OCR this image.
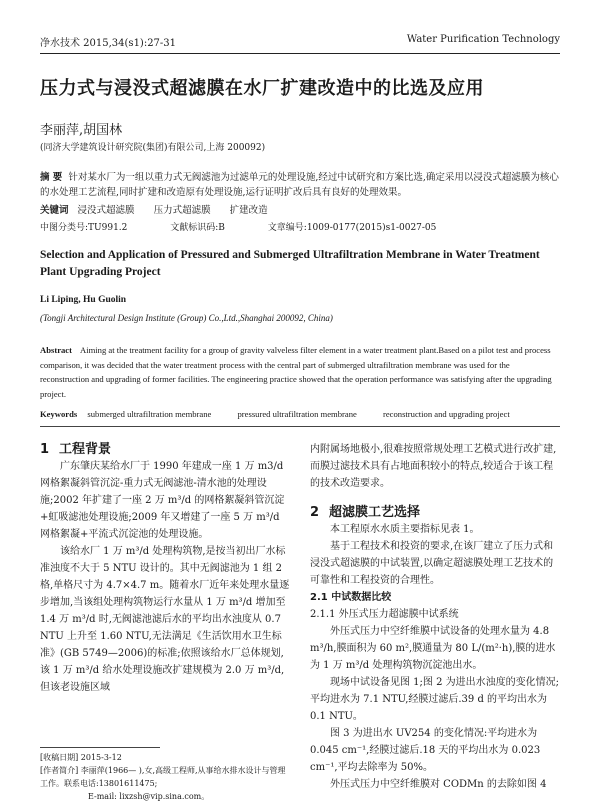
净水技术 2015,34(s1):27-31	Water Purification Technology
压力式与浸没式超滤膜在水厂扩建改造中的比选及应用
李丽萍,胡国林
(同济大学建筑设计研究院(集团)有限公司,上海 200092)
摘 要 针对某水厂为一组以重力式无阀滤池为过滤单元的处理设施,经过中试研究和方案比选,确定采用以浸没式超滤膜为核心的水处理工艺流程,同时扩建和改造原有处理设施,运行证明扩改后具有良好的处理效果。
关键词 浸没式超滤膜 压力式超滤膜 扩建改造
中图分类号:TU991.2	文献标识码:B	文章编号:1009-0177(2015)s1-0027-05
Selection and Application of Pressured and Submerged Ultrafiltration Membrane in Water Treatment Plant Upgrading Project
Li Liping, Hu Guolin
(Tongji Architectural Design Institute (Group) Co.,Ltd.,Shanghai 200092, China)
Abstract Aiming at the treatment facility for a group of gravity valveless filter element in a water treatment plant.Based on a pilot test and process comparison, it was decided that the water treatment process with the central part of submerged ultrafiltration membrane was used for the reconstruction and upgrading of former facilities. The engineering practice showed that the operation performance was satisfying after the upgrading project.
Keywords submerged ultrafiltration membrane	pressured ultrafiltration membrane	reconstruction and upgrading project

1 工程背景

广东肇庆某给水厂于 1990 年建成一座 1 万 m3/d 网格絮凝斜管沉淀-重力式无阀滤池-清水池的处理设施;2002 年扩建了一座 2 万 m³/d 的网格絮凝斜管沉淀+虹吸滤池处理设施;2009 年又增建了一座 5 万 m³/d 网格絮凝+平流式沉淀池的处理设施。

该给水厂 1 万 m³/d 处理构筑物,是按当初出厂水标准浊度不大于 5 NTU 设计的。其中无阀滤池为 1 组 2 格,单格尺寸为 4.7×4.7 m。随着水厂近年来处理水量逐步增加,当该组处理构筑物运行水量从 1 万 m³/d 增加至 1.4 万 m³/d 时,无阀滤池滤后水的平均出水浊度从 0.7 NTU 上升至 1.60 NTU,无法满足《生活饮用水卫生标准》(GB 5749—2006)的标准;依照该给水厂总体规划,该 1 万 m³/d 给水处理设施改扩建规模为 2.0 万 m³/d,但该老设施区域

内附属场地极小,很难按照常规处理工艺模式进行改扩建,而膜过滤技术具有占地面积较小的特点,较适合于该工程的技术改造要求。

2 超滤膜工艺选择

本工程原水水质主要指标见表 1。

基于工程技术和投资的要求,在该厂建立了压力式和浸没式超滤膜的中试装置,以确定超滤膜处理工艺技术的可靠性和工程投资的合理性。

2.1 中试数据比较

2.1.1 外压式压力超滤膜中试系统

外压式压力中空纤维膜中试设备的处理水量为 4.8 m³/h,膜面积为 60 m²,膜通量为 80 L/(m²·h),膜的进水为 1 万 m³/d 处理构筑物沉淀池出水。

现场中试设备见图 1;图 2 为进出水浊度的变化情况;平均进水为 7.1 NTU,经膜过滤后.39 d 的平均出水为 0.1 NTU。

图 3 为进出水 UV254 的变化情况:平均进水为 0.045 cm⁻¹,经膜过滤后.18 天的平均出水为 0.023 cm⁻¹,平均去除率为 50%。

外压式压力中空纤维膜对 CODMn 的去除如图 4

[收稿日期] 2015-3-12
[作者简介] 李丽萍(1966— ),女,高级工程师,从事给水排水设计与管理工作。联系电话:13801611475;
E-mail: lixzsh@vip.sina.com。
